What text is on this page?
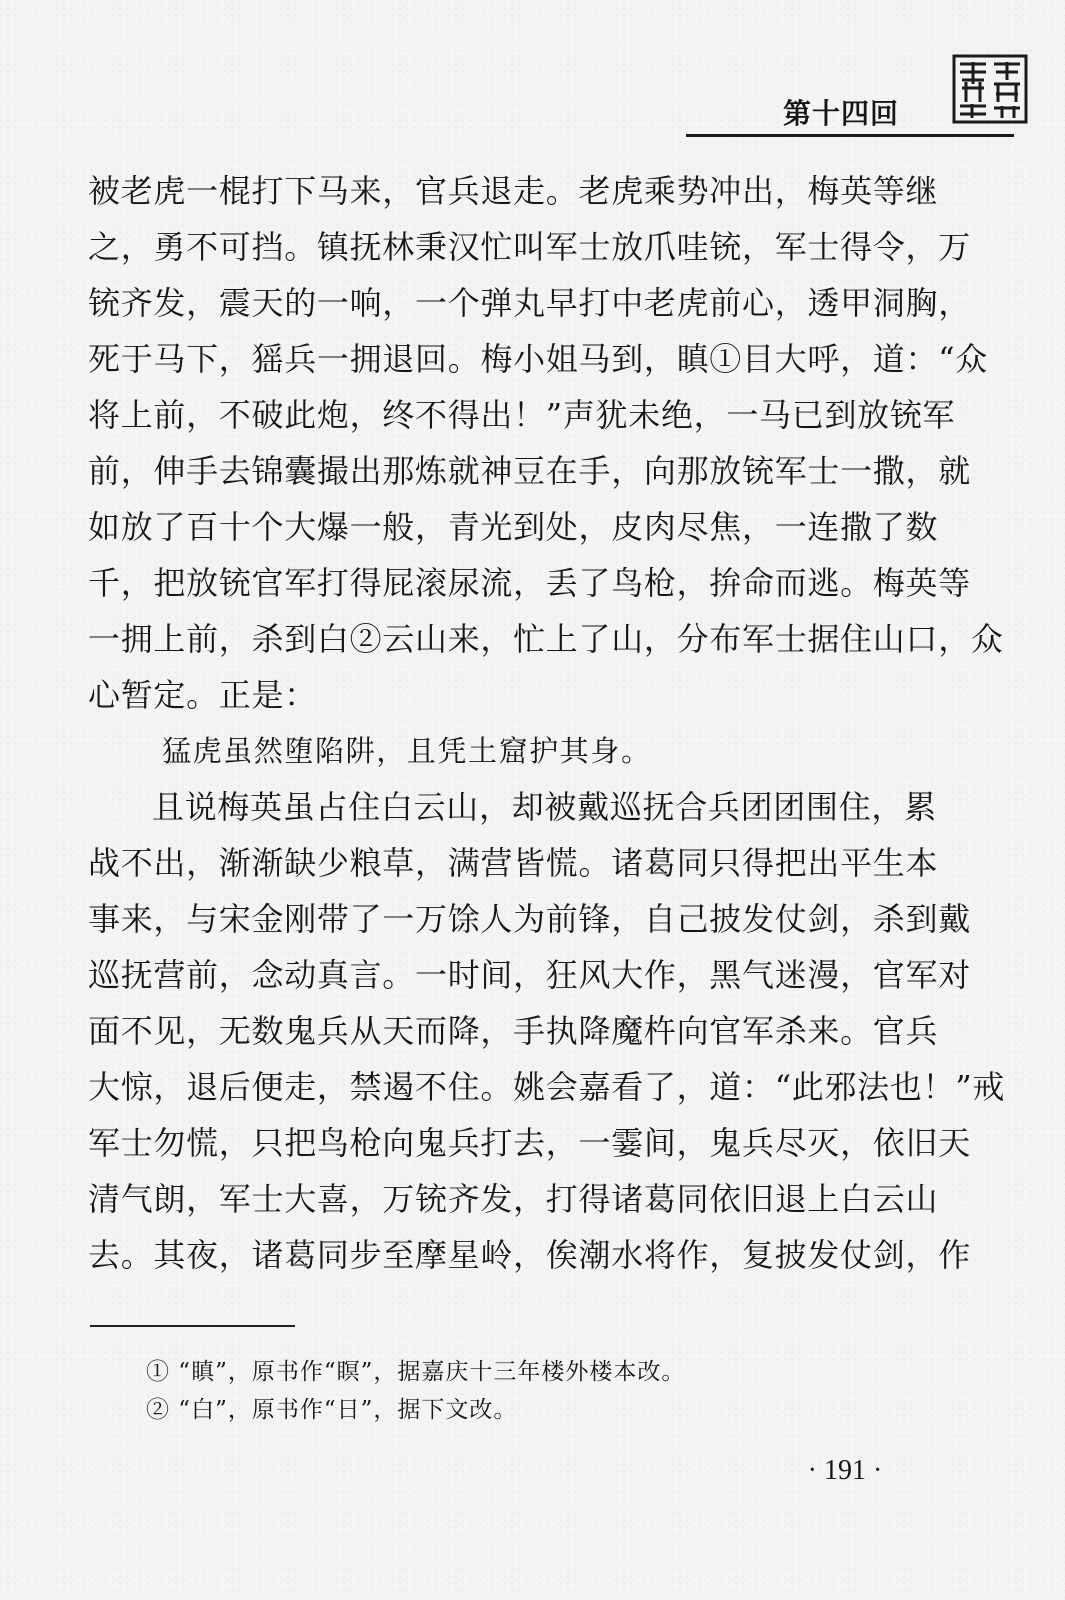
第十四回
被老虎一棍打下马来，官兵退走。老虎乘势冲出，梅英等继
之，勇不可挡。镇抚林秉汉忙叫军士放爪哇铳，军士得令，万
铳齐发，震天的一响，一个弹丸早打中老虎前心，透甲洞胸，
死于马下，猺兵一拥退回。梅小姐马到，瞋①目大呼，道：“众
将上前，不破此炮，终不得出！”声犹未绝，一马已到放铳军
前，伸手去锦囊撮出那炼就神豆在手，向那放铳军士一撒，就
如放了百十个大爆一般，青光到处，皮肉尽焦，一连撒了数
千，把放铳官军打得屁滚尿流，丢了鸟枪，拚命而逃。梅英等
一拥上前，杀到白②云山来，忙上了山，分布军士据住山口，众
心暂定。正是：
猛虎虽然堕陷阱，且凭土窟护其身。
且说梅英虽占住白云山，却被戴巡抚合兵团团围住，累
战不出，渐渐缺少粮草，满营皆慌。诸葛同只得把出平生本
事来，与宋金刚带了一万馀人为前锋，自己披发仗剑，杀到戴
巡抚营前，念动真言。一时间，狂风大作，黑气迷漫，官军对
面不见，无数鬼兵从天而降，手执降魔杵向官军杀来。官兵
大惊，退后便走，禁遏不住。姚会嘉看了，道：“此邪法也！”戒
军士勿慌，只把鸟枪向鬼兵打去，一霎间，鬼兵尽灭，依旧天
清气朗，军士大喜，万铳齐发，打得诸葛同依旧退上白云山
去。其夜，诸葛同步至摩星岭，俟潮水将作，复披发仗剑，作
① “瞋”，原书作“瞑”，据嘉庆十三年楼外楼本改。
② “白”，原书作“日”，据下文改。
· 191 ·
